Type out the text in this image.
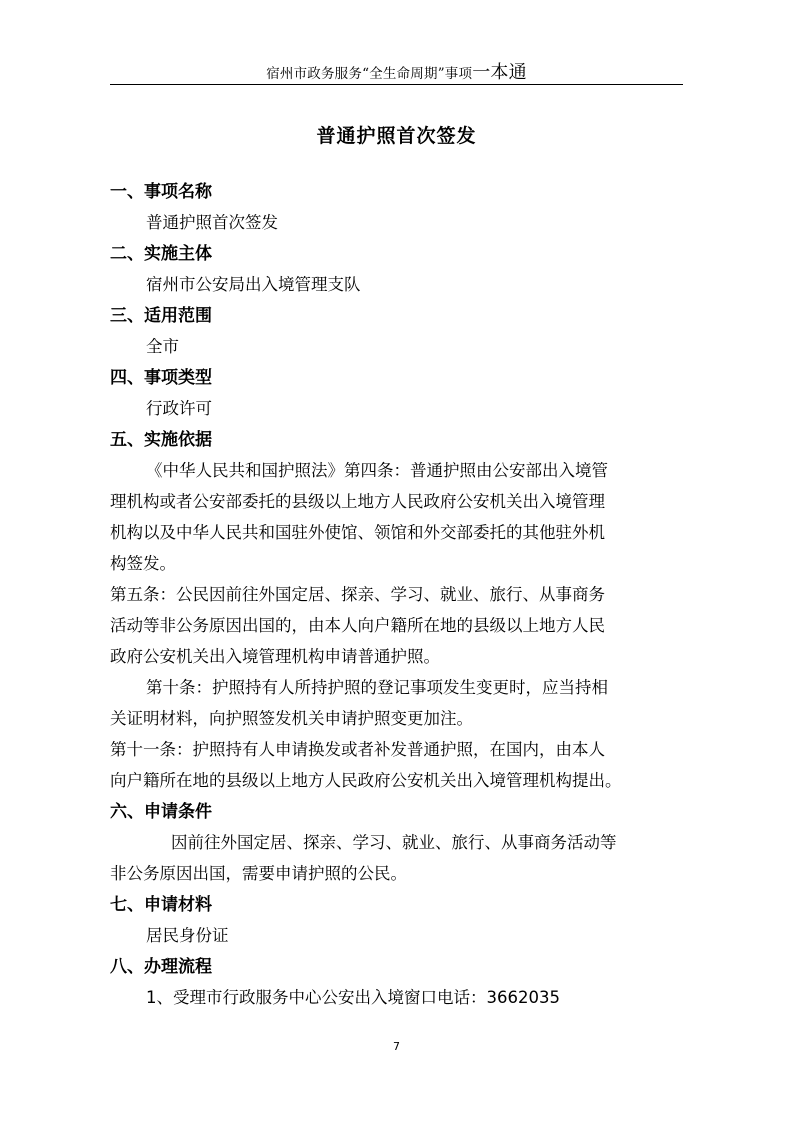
宿州市政务服务“全生命周期”事项一本通
普通护照首次签发
一、事项名称
普通护照首次签发
二、实施主体
宿州市公安局出入境管理支队
三、适用范围
全市
四、事项类型
行政许可
五、实施依据
《中华人民共和国护照法》第四条：普通护照由公安部出入境管
理机构或者公安部委托的县级以上地方人民政府公安机关出入境管理
机构以及中华人民共和国驻外使馆、领馆和外交部委托的其他驻外机
构签发。
第五条：公民因前往外国定居、探亲、学习、就业、旅行、从事商务
活动等非公务原因出国的，由本人向户籍所在地的县级以上地方人民
政府公安机关出入境管理机构申请普通护照。
第十条：护照持有人所持护照的登记事项发生变更时，应当持相
关证明材料，向护照签发机关申请护照变更加注。
第十一条：护照持有人申请换发或者补发普通护照，在国内，由本人
向户籍所在地的县级以上地方人民政府公安机关出入境管理机构提出。
六、申请条件
因前往外国定居、探亲、学习、就业、旅行、从事商务活动等
非公务原因出国，需要申请护照的公民。
七、申请材料
居民身份证
八、办理流程
1、受理市行政服务中心公安出入境窗口电话：3662035
7
